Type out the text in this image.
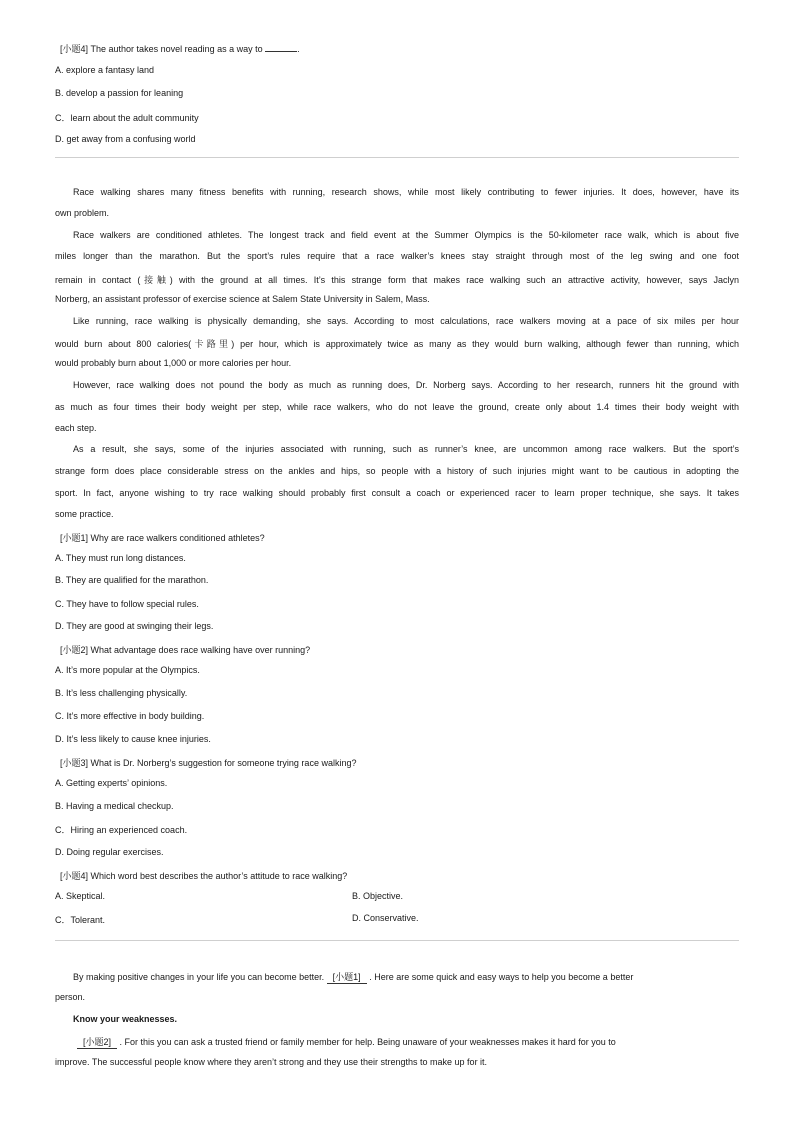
[小题4] The author takes novel reading as a way to	.
A. explore a fantasy land
B. develop a passion for leaning
C．learn about the adult community
D. get away from a confusing world
Race walking shares many fitness benefits with running, research shows, while most likely contributing to fewer injuries. It does, however, have its
own problem.
Race walkers are conditioned athletes. The longest track and field event at the Summer Olympics is the 50-kilometer race walk, which is about five
miles longer than the marathon. But the sport’s rules require that a race walker’s knees stay straight through most of the leg swing and one foot
remain in contact (接触) with the ground at all times. It’s this strange form that makes race walking such an attractive activity, however, says Jaclyn
Norberg, an assistant professor of exercise science at Salem State University in Salem, Mass.
Like running, race walking is physically demanding, she says. According to most calculations, race walkers moving at a pace of six miles per hour
would burn about 800 calories(卡路里) per hour, which is approximately twice as many as they would burn walking, although fewer than running, which
would probably burn about 1,000 or more calories per hour.
However, race walking does not pound the body as much as running does, Dr. Norberg says. According to her research, runners hit the ground with
as much as four times their body weight per step, while race walkers, who do not leave the ground, create only about 1.4 times their body weight with
each step.
As a result, she says, some of the injuries associated with running, such as runner’s knee, are uncommon among race walkers. But the sport’s
strange form does place considerable stress on the ankles and hips, so people with a history of such injuries might want to be cautious in adopting the
sport. In fact, anyone wishing to try race walking should probably first consult a coach or experienced racer to learn proper technique, she says. It takes
some practice.
[小题1] Why are race walkers conditioned athletes?
A. They must run long distances.
B. They are qualified for the marathon.
C. They have to follow special rules.
D. They are good at swinging their legs.
[小题2] What advantage does race walking have over running?
A. It’s more popular at the Olympics.
B. It’s less challenging physically.
C. It’s more effective in body building.
D. It’s less likely to cause knee injuries.
[小题3] What is Dr. Norberg’s suggestion for someone trying race walking?
A. Getting experts’ opinions.
B. Having a medical checkup.
C．Hiring an experienced coach.
D. Doing regular exercises.
[小题4] Which word best describes the author’s attitude to race walking?
A. Skeptical.	B. Objective.
C．Tolerant.	D. Conservative.
By making positive changes in your life you can become better. [小题1] . Here are some quick and easy ways to help you become a better
person.
Know your weaknesses.
[小题2] . For this you can ask a trusted friend or family member for help. Being unaware of your weaknesses makes it hard for you to
improve. The successful people know where they aren’t strong and they use their strengths to make up for it.
